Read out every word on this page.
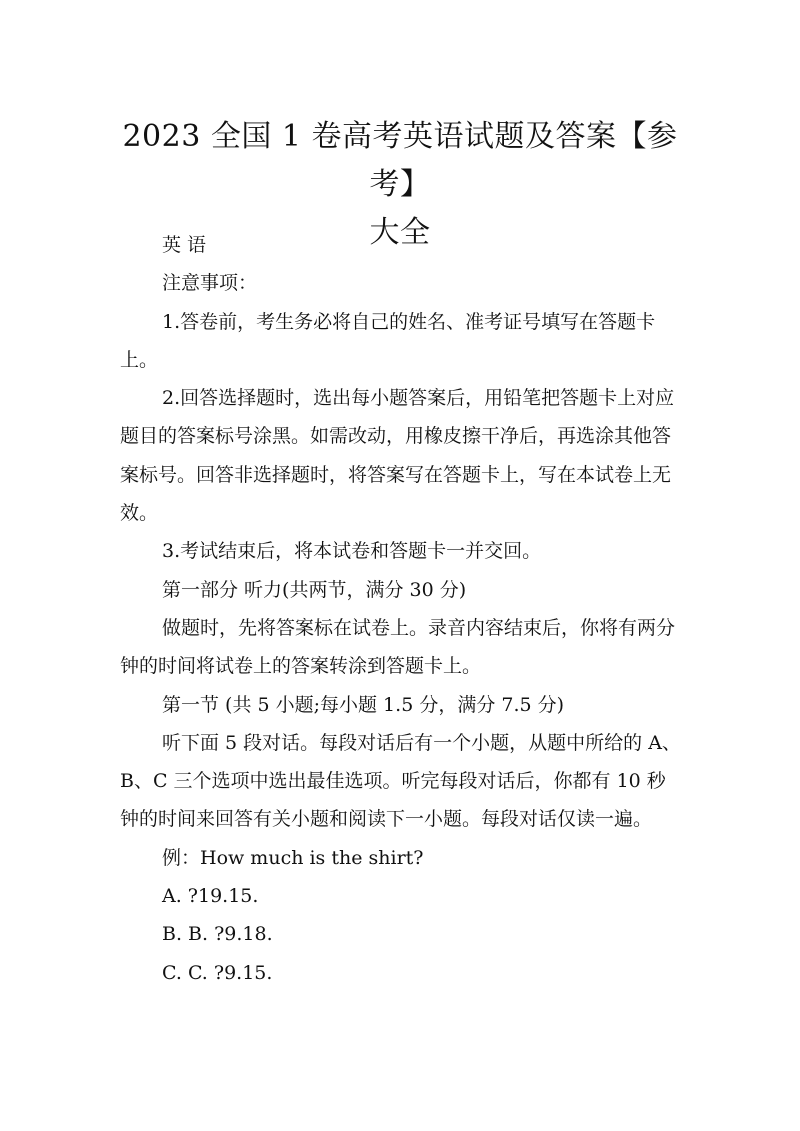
2023 全国 1 卷高考英语试题及答案【参考】
大全

英 语

注意事项：

1.答卷前，考生务必将自己的姓名、准考证号填写在答题卡上。

2.回答选择题时，选出每小题答案后，用铅笔把答题卡上对应题目的答案标号涂黑。如需改动，用橡皮擦干净后，再选涂其他答案标号。回答非选择题时，将答案写在答题卡上，写在本试卷上无效。

3.考试结束后，将本试卷和答题卡一并交回。

第一部分 听力(共两节，满分 30 分)

做题时，先将答案标在试卷上。录音内容结束后，你将有两分钟的时间将试卷上的答案转涂到答题卡上。

第一节 (共 5 小题;每小题 1.5 分，满分 7.5 分)

听下面 5 段对话。每段对话后有一个小题，从题中所给的 A、B、C 三个选项中选出最佳选项。听完每段对话后，你都有 10 秒钟的时间来回答有关小题和阅读下一小题。每段对话仅读一遍。

例：How much is the shirt?

A. ?19.15.

B. B. ?9.18.

C. C. ?9.15.
